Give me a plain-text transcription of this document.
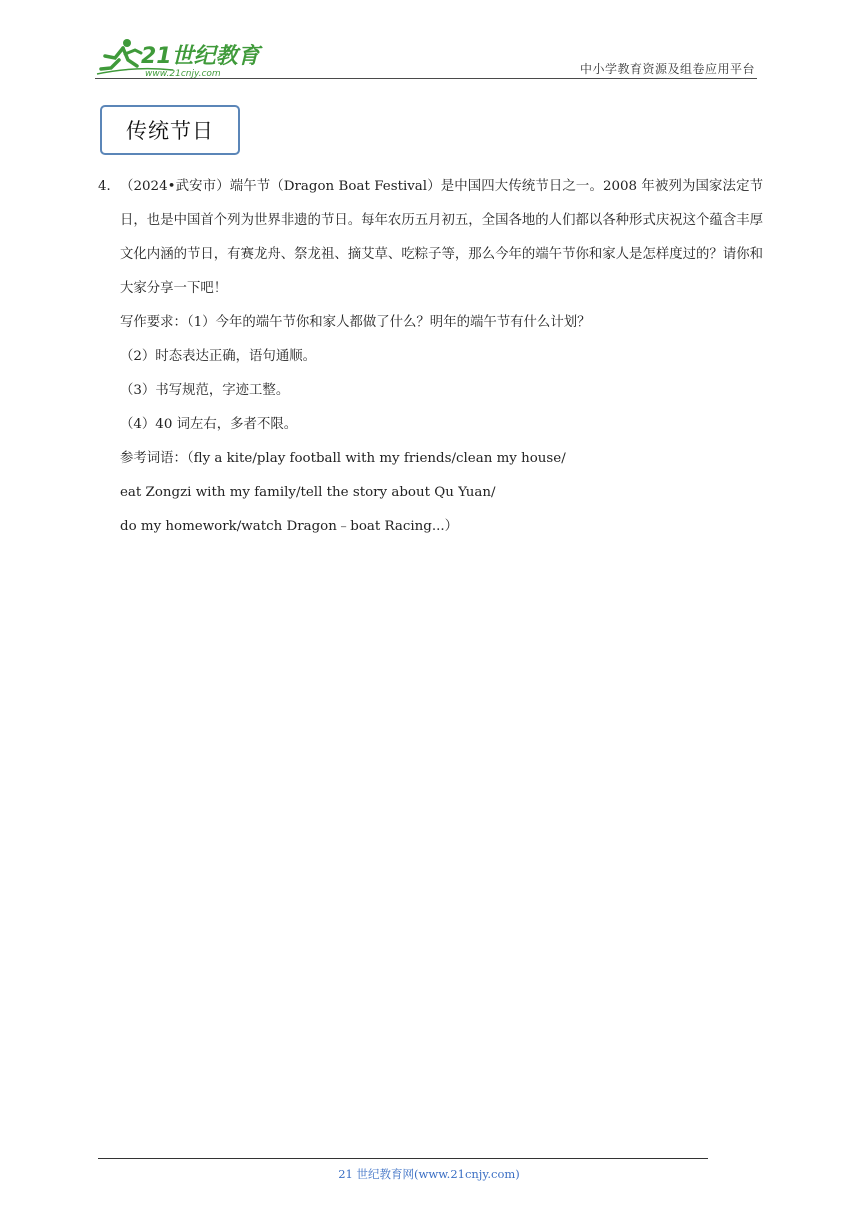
21世纪教育
www.21cnjy.com	中小学教育资源及组卷应用平台
传统节日
4． （2024•武安市）端午节（Dragon Boat Festival）是中国四大传统节日之一。2008 年被列为国家法定节日，也是中国首个列为世界非遗的节日。每年农历五月初五，全国各地的人们都以各种形式庆祝这个蕴含丰厚文化内涵的节日，有赛龙舟、祭龙祖、摘艾草、吃粽子等，那么今年的端午节你和家人是怎样度过的？请你和大家分享一下吧！
写作要求：（1）今年的端午节你和家人都做了什么？明年的端午节有什么计划？
（2）时态表达正确，语句通顺。
（3）书写规范，字迹工整。
（4）40 词左右，多者不限。
参考词语：（fly a kite/play football with my friends/clean my house/
eat Zongzi with my family/tell the story about Qu Yuan/
do my homework/watch Dragon﹣boat Racing...）
21 世纪教育网(www.21cnjy.com)
